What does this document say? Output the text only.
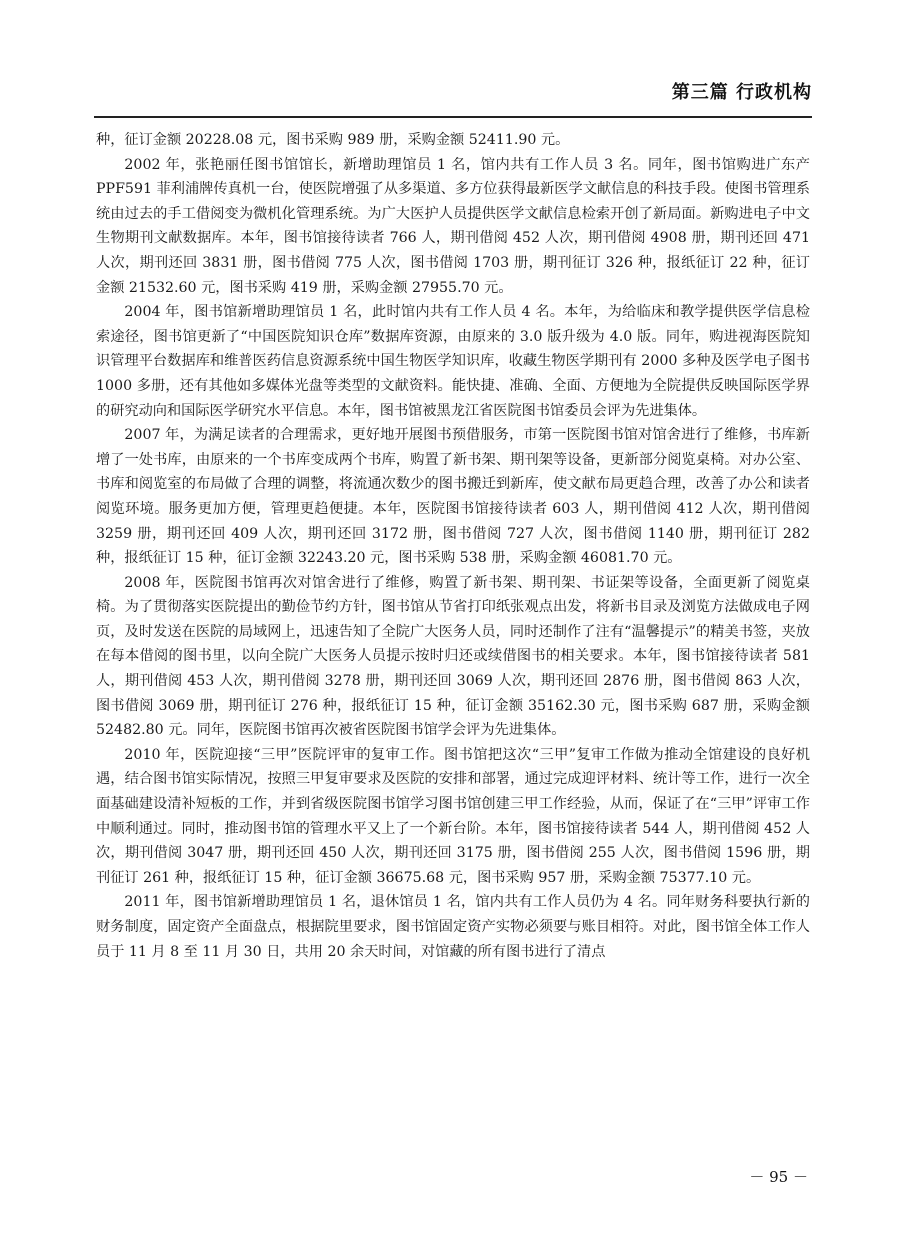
第三篇 行政机构

种，征订金额 20228.08 元，图书采购 989 册，采购金额 52411.90 元。

2002 年，张艳丽任图书馆馆长，新增助理馆员 1 名，馆内共有工作人员 3 名。同年，图书馆购进广东产 PPF591 菲利浦牌传真机一台，使医院增强了从多渠道、多方位获得最新医学文献信息的科技手段。使图书管理系统由过去的手工借阅变为微机化管理系统。为广大医护人员提供医学文献信息检索开创了新局面。新购进电子中文生物期刊文献数据库。本年，图书馆接待读者 766 人，期刊借阅 452 人次，期刊借阅 4908 册，期刊还回 471 人次，期刊还回 3831 册，图书借阅 775 人次，图书借阅 1703 册，期刊征订 326 种，报纸征订 22 种，征订金额 21532.60 元，图书采购 419 册，采购金额 27955.70 元。

2004 年，图书馆新增助理馆员 1 名，此时馆内共有工作人员 4 名。本年，为给临床和教学提供医学信息检索途径，图书馆更新了“中国医院知识仓库”数据库资源，由原来的 3.0 版升级为 4.0 版。同年，购进视海医院知识管理平台数据库和维普医药信息资源系统中国生物医学知识库，收藏生物医学期刊有 2000 多种及医学电子图书 1000 多册，还有其他如多媒体光盘等类型的文献资料。能快捷、准确、全面、方便地为全院提供反映国际医学界的研究动向和国际医学研究水平信息。本年，图书馆被黑龙江省医院图书馆委员会评为先进集体。

2007 年，为满足读者的合理需求，更好地开展图书预借服务，市第一医院图书馆对馆舍进行了维修，书库新增了一处书库，由原来的一个书库变成两个书库，购置了新书架、期刊架等设备，更新部分阅览桌椅。对办公室、书库和阅览室的布局做了合理的调整，将流通次数少的图书搬迁到新库，使文献布局更趋合理，改善了办公和读者阅览环境。服务更加方便，管理更趋便捷。本年，医院图书馆接待读者 603 人，期刊借阅 412 人次，期刊借阅 3259 册，期刊还回 409 人次，期刊还回 3172 册，图书借阅 727 人次，图书借阅 1140 册，期刊征订 282 种，报纸征订 15 种，征订金额 32243.20 元，图书采购 538 册，采购金额 46081.70 元。

2008 年，医院图书馆再次对馆舍进行了维修，购置了新书架、期刊架、书证架等设备，全面更新了阅览桌椅。为了贯彻落实医院提出的勤俭节约方针，图书馆从节省打印纸张观点出发，将新书目录及浏览方法做成电子网页，及时发送在医院的局域网上，迅速告知了全院广大医务人员，同时还制作了注有“温馨提示”的精美书签，夹放在每本借阅的图书里，以向全院广大医务人员提示按时归还或续借图书的相关要求。本年，图书馆接待读者 581 人，期刊借阅 453 人次，期刊借阅 3278 册，期刊还回 3069 人次，期刊还回 2876 册，图书借阅 863 人次，图书借阅 3069 册，期刊征订 276 种，报纸征订 15 种，征订金额 35162.30 元，图书采购 687 册，采购金额 52482.80 元。同年，医院图书馆再次被省医院图书馆学会评为先进集体。

2010 年，医院迎接“三甲”医院评审的复审工作。图书馆把这次“三甲”复审工作做为推动全馆建设的良好机遇，结合图书馆实际情况，按照三甲复审要求及医院的安排和部署，通过完成迎评材料、统计等工作，进行一次全面基础建设清补短板的工作，并到省级医院图书馆学习图书馆创建三甲工作经验，从而，保证了在“三甲”评审工作中顺利通过。同时，推动图书馆的管理水平又上了一个新台阶。本年，图书馆接待读者 544 人，期刊借阅 452 人次，期刊借阅 3047 册，期刊还回 450 人次，期刊还回 3175 册，图书借阅 255 人次，图书借阅 1596 册，期刊征订 261 种，报纸征订 15 种，征订金额 36675.68 元，图书采购 957 册，采购金额 75377.10 元。

2011 年，图书馆新增助理馆员 1 名，退休馆员 1 名，馆内共有工作人员仍为 4 名。同年财务科要执行新的财务制度，固定资产全面盘点，根据院里要求，图书馆固定资产实物必须要与账目相符。对此，图书馆全体工作人员于 11 月 8 至 11 月 30 日，共用 20 余天时间，对馆藏的所有图书进行了清点

－ 95 －
